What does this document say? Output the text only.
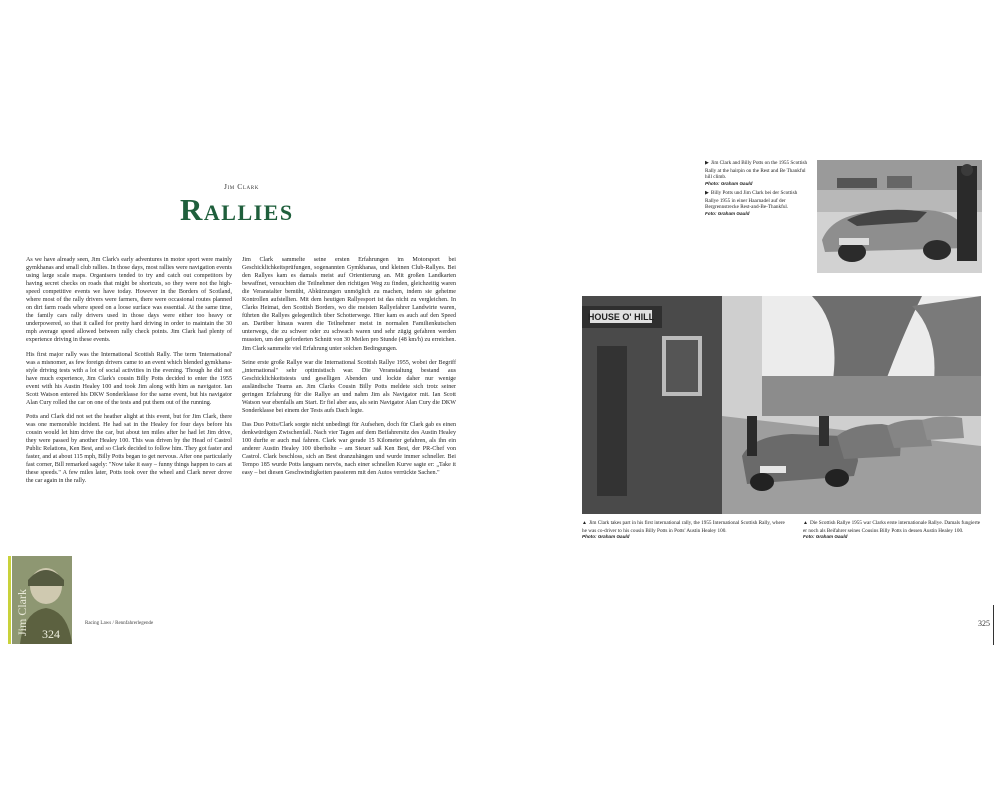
Jim Clark
Rallies

As we have already seen, Jim Clark's early adventures in motor sport were mainly gymkhanas and small club rallies. In those days, most rallies were navigation events using large scale maps. Organisers tended to try and catch out competitors by having secret checks on roads that might be shortcuts, so they were not the high-speed competitive events we have today. However in the Borders of Scotland, where most of the rally drivers were farmers, there were occasional routes planned on dirt farm roads where speed on a loose surface was essential. At the same time, the family cars rally drivers used in those days were either too heavy or underpowered, so that it called for pretty hard driving in order to maintain the 30 mph average speed allowed between rally check points. Jim Clark had plenty of experience driving in these events.

His first major rally was the International Scottish Rally. The term 'International' was a misnomer, as few foreign drivers came to an event which blended gymkhana-style driving tests with a lot of social activities in the evening. Though he did not have much experience, Jim Clark's cousin Billy Potts decided to enter the 1955 event with his Austin Healey 100 and took Jim along with him as navigator. Ian Scott Watson entered his DKW Sonderklasse for the same event, but his navigator Alan Cury rolled the car on one of the tests and put them out of the running.

Potts and Clark did not set the heather alight at this event, but for Jim Clark, there was one memorable incident. He had sat in the Healey for four days before his cousin would let him drive the car, but about ten miles after he had let Jim drive, they were passed by another Healey 100. This was driven by the Head of Castrol Public Relations, Ken Best, and so Clark decided to follow him. They got faster and faster, and at about 115 mph, Billy Potts began to get nervous. After one particularly fast corner, Bill remarked sagely: "Now take it easy – funny things happen to cars at these speeds." A few miles later, Potts took over the wheel and Clark never drove the car again in the rally.

Jim Clark sammelte seine ersten Erfahrungen im Motorsport bei Geschicklichkeitsprüfungen, sogenannten Gymkhanas, und kleinen Club-Rallyes. Bei den Rallyes kam es damals meist auf Orientierung an. Mit großen Landkarten bewaffnet, versuchten die Teilnehmer den richtigen Weg zu finden, gleichzeitig waren die Veranstalter bemüht, Abkürzungen unmöglich zu machen, indem sie geheime Kontrollen aufstellten. Mit dem heutigen Rallyesport ist das nicht zu vergleichen. In Clarks Heimat, den Scottish Borders, wo die meisten Rallyefahrer Landwirte waren, führten die Rallyes gelegentlich über Schotterwege. Hier kam es auch auf den Speed an. Darüber hinaus waren die Teilnehmer meist in normalen Familienkutschen unterwegs, die zu schwer oder zu schwach waren und sehr zügig gefahren werden mussten, um den geforderten Schnitt von 30 Meilen pro Stunde (48 km/h) zu erreichen. Jim Clark sammelte viel Erfahrung unter solchen Bedingungen.

Seine erste große Rallye war die International Scottish Rallye 1955, wobei der Begriff „international" sehr optimistisch war. Die Veranstaltung bestand aus Geschicklichkeitstests und geselligen Abenden und lockte daher nur wenige ausländische Teams an. Jim Clarks Cousin Billy Potts meldete sich trotz seiner geringen Erfahrung für die Rallye an und nahm Jim als Navigator mit. Ian Scott Watson war ebenfalls am Start. Er fiel aber aus, als sein Navigator Alan Cury die DKW Sonderklasse bei einem der Tests aufs Dach legte.

Das Duo Potts/Clark sorgte nicht unbedingt für Aufsehen, doch für Clark gab es einen denkwürdigen Zwischenfall. Nach vier Tagen auf dem Beifahrersitz des Austin Healey 100 durfte er auch mal fahren. Clark war gerade 15 Kilometer gefahren, als ihn ein anderer Austin Healey 100 überholte – am Steuer saß Ken Best, der PR-Chef von Castrol. Clark beschloss, sich an Best dranzuhängen und wurde immer schneller. Bei Tempo 185 wurde Potts langsam nervös, nach einer schnellen Kurve sagte er: „Take it easy – bei diesen Geschwindigkeiten passieren mit den Autos verrückte Sachen."

HOUSE O' HILL
▶ Jim Clark and Billy Potts on the 1955 Scottish Rally at the hairpin on the Rest and Be Thankful hill climb.
Photo: Graham Gauld
▶ Billy Potts und Jim Clark bei der Scottish Rallye 1955 in einer Haarnadel auf der Bergrennstrecke Rest-and-Be-Thankful.
Foto: Graham Gauld
▲ Jim Clark takes part in his first international rally, the 1955 International Scottish Rally, where he was co-driver to his cousin Billy Potts in Potts' Austin Healey 100.
Photo: Graham Gauld
▲ Die Scottish Rallye 1955 war Clarks erste internationale Rallye. Damals fungierte er noch als Beifahrer seines Cousins Billy Potts in dessen Austin Healey 100.
Foto: Graham Gauld
Jim Clark 324
Racing Laws / Rennfahrerlegende	325
